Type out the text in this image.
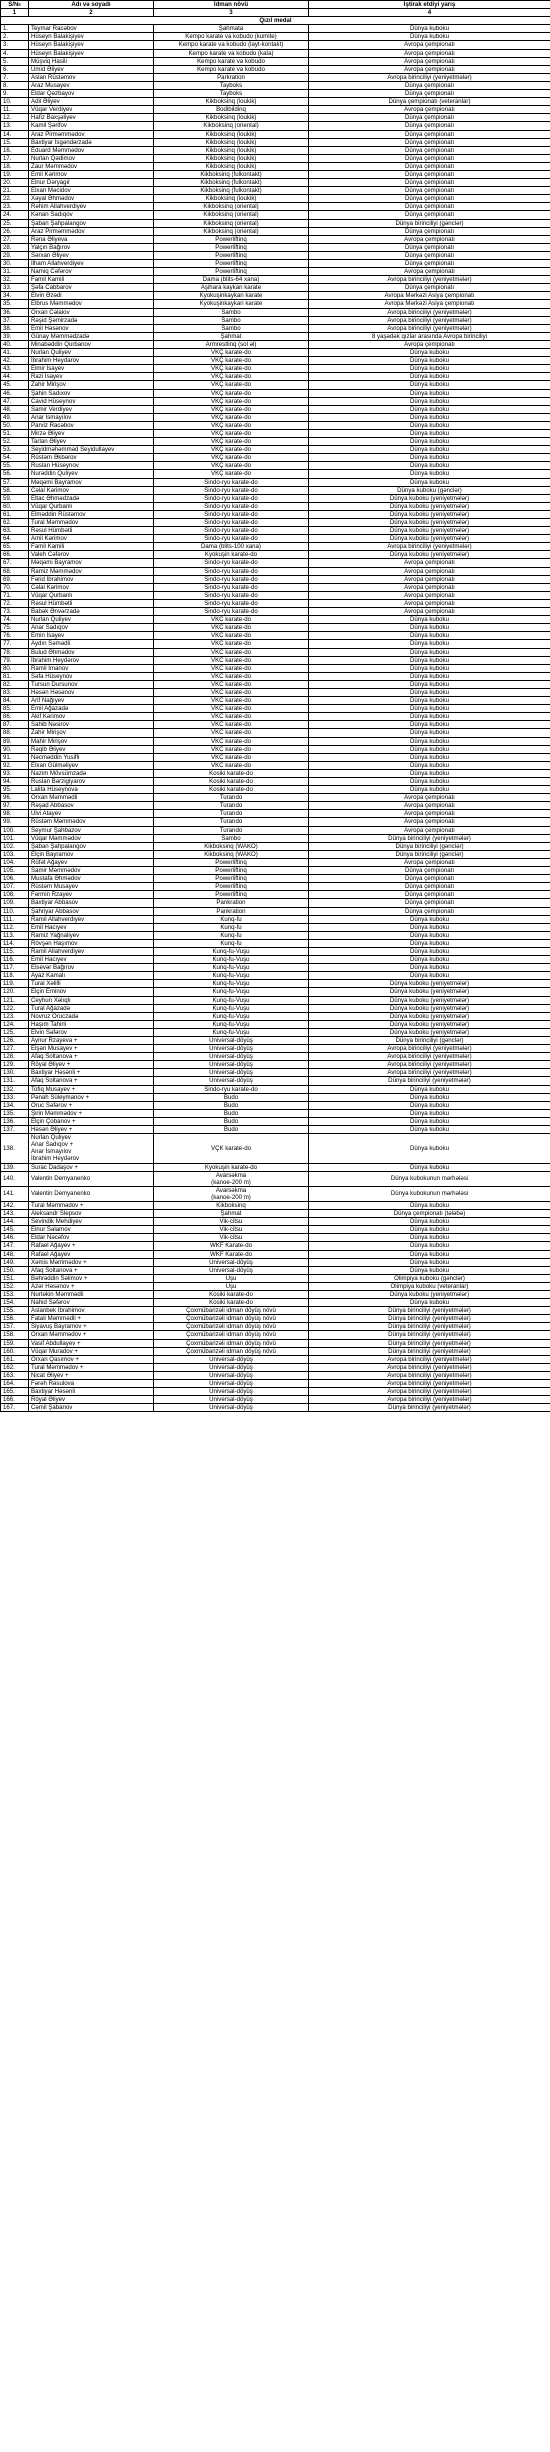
S/№	Adı və soyadı	İdman növü	İştirak etdiyi yarış
1	2	3	4
Qızıl medal			
1.	Teymar Racəbov	Şahmata	Dünya kuboku
2.	Hüseyn Balakişiyev	Kempo karate va kobudo (kumite)	Dünya kuboku
3.	Hüseyn Balakişiyev	Kempo karate va kobudo (layt-kontakt)	Avropa çempionatı
4.	Hüseyn Balakişiyev	Kempo karate va kobudo (kata)	Avropa çempionatı
5.	Müşviq Hasili	Kempo karate va kobudo	Avropa çempionatı
6.	Ümid Əliyev	Kempo karate va kobudo	Avropa çempionatı
7.	Aslan Rüstəmov	Parkration	Avropa birinciliyi (yeniyetmələr)
8.	Araz Musayev	Tayboks	Dünya çempionatı
9.	Eldar Qəzbayov	Tayboks	Dünya çempionatı
10.	Adil Əliyev	Kikboksinq (loukik)	Dünya çempionatı (veteranlar)
11.	Vüqar Verdiyev	Bodibildinq	Avropa çempionatı
12.	Hafiz Baxşəliyev	Kikboksinq (loukik)	Dünya çempionatı
13.	Kamil Şərifov	Kikboksinq (oriental)	Dünya çempionatı
14.	Araz Pirməmmədov	Kikboksinq (loukik)	Dünya çempionatı
15.	Baxtiyar İsgəndərzadə	Kikboksinq (loukik)	Dünya çempionatı
16.	Eduard Məmmədov	Kikboksinq (loukik)	Dünya çempionatı
17.	Nurlan Qədimov	Kikboksinq (loukik)	Dünya çempionatı
18.	Zaur Məmmədov	Kikboksinq (loukik)	Dünya çempionatı
19.	Emil Kərimov	Kikboksinq (fulkontakt)	Dünya çempionatı
20.	Elnur Dəryagir	Kikboksinq (fulkontakt)	Dünya çempionatı
21.	Elxan Məcidov	Kikboksinq (fulkontakt)	Dünya çempionatı
22.	Xəyal Əhmədov	Kikboksinq (loukik)	Dünya çempionatı
23.	Rəhim Allahverdiyev	Kikboksinq (oriental)	Dünya çempionatı
24.	Kənan Sadıqov	Kikboksinq (oriental)	Dünya çempionatı
25.	Şaban Şahpalangov	Kikboksinq (oriental)	Dünya birinciliyi (gənclər)
26.	Araz Pirməmmədov	Kikboksinq (oriental)	Dünya çempionatı
27.	Rəna Əliyeva	Powerliftinq	Avropa çempionatı
28.	Yalçın Bağırov	Powerliftinq	Dünya çempionatı
29.	Sərxan Əliyev	Powerliftinq	Dünya çempionatı
30.	İlham Allahverdiyev	Powerliftinq	Dünya çempionatı
31.	Namiq Cəfərov	Powerliftinq	Avropa çempionatı
32.	Famil Kamili	Dama (blits-64 xana)	Avropa birinciliyi (yeniyetmələr)
33.	Şəfa Cabbarov	Aşihara kaykan karate	Dünya çempionatı
34.	Elvin Əzədi	Kyokuşinkaykan karate	Avropa Mərkəzi Asiya çempionatı
35.	Elbrus Məmmədov	Kyokuşinkaykan karate	Avropa Mərkəzi Asiya çempionatı
36.	Orxan Cəlalov	Sambo	Avropa birinciliyi (yeniyetmələr)
37.	Rəşid Şəmirzadə	Sambo	Avropa birinciliyi (yeniyetmələr)
38.	Emil Həsənov	Sambo	Avropa birinciliyi (yeniyetmələr)
39.	Günay Məmmədzadə	Şahmat	8 yaşədək qızlar arasında Avropa birinciliyi
40.	Minabəddin Qurbanov	Armrestlinq (sol əl)	Avropa çempionatı
41.	Nurlan Quliyev	VKÇ karate-do	Dünya kuboku
42.	İbrahim Heydarov	VKÇ karate-do	Dünya kuboku
43.	Elmir İsayev	VKÇ karate-do	Dünya kuboku
44.	Razi İsayev	VKÇ karate-do	Dünya kuboku
45.	Zahir Mirişov	VKÇ karate-do	Dünya kuboku
46.	Şahin Sadıxov	VKÇ karate-do	Dünya kuboku
47.	Cavid Hüseynov	VKÇ karate-do	Dünya kuboku
48.	Samir Verdiyev	VKÇ karate-do	Dünya kuboku
49.	Anar İsmayılov	VKÇ karate-do	Dünya kuboku
50.	Parviz Racəbov	VKÇ karate-do	Dünya kuboku
51.	Mirzə Əliyev	VKÇ karate-do	Dünya kuboku
52.	Tarlan Əliyev	VKÇ karate-do	Dünya kuboku
53.	Seyidməhəmməd Seyidullayev	VKÇ karate-do	Dünya kuboku
54.	Rüstəm Əkbərov	VKÇ karate-do	Dünya kuboku
55.	Ruslan Hüseynov	VKÇ karate-do	Dünya kuboku
56.	Nurəddin Quliyev	VKÇ karate-do	Dünya kuboku
57.	Məqəmi Bayramov	Sindo-ryu karate-do	Dünya kuboku
58.	Cəlal Kərimov	Sindo-ryu karate-do	Dünya kuboku (gənclər)
59.	Eltac Əhmədzadə	Sindo-ryu karate-do	Dünya kuboku (yeniyetmələr)
60.	Vüqar Qurbanlı	Sindo-ryu karate-do	Dünya kuboku (yeniyetmələr)
61.	Elməddin Rüstəmov	Sindo-ryu karate-do	Dünya kuboku (yeniyetmələr)
62.	Tural Məmmədov	Sindo-ryu karate-do	Dünya kuboku (yeniyetmələr)
63.	Rəsul Hümbətli	Sindo-ryu karate-do	Dünya kuboku (yeniyetmələr)
64.	Amil Kərimov	Sindo-ryu karate-do	Dünya kuboku (yeniyetmələr)
65.	Famil Kamili	Dama (blits-100 xana)	Avropa birinciliyi (yeniyetmələr)
66.	Valeh Cəfərov	Kyokuşin karate-do	Dünya kuboku (yeniyetmələr)
67.	Məqəmi Bayramov	Sindo-ryu karate-do	Avropa çempionatı
68.	Ramiz Məmmədov	Sindo-ryu karate-do	Avropa çempionatı
69.	Fərid İbrahimov	Sindo-ryu karate-do	Avropa çempionatı
70.	Cəlal Kərimov	Sindo-ryu karate-do	Avropa çempionatı
71.	Vüqar Qurbanlı	Sindo-ryu karate-do	Avropa çempionatı
72.	Rəsul Hümbətli	Sindo-ryu karate-do	Avropa çempionatı
73.	Babək Ənvərzadə	Sindo-ryu karate-do	Avropa çempionatı
74.	Nurlan Quliyev	VKC karate-do	Dünya kuboku
75.	Anar Sadıqov	VKC karate-do	Dünya kuboku
76.	Emin İsayev	VKC karate-do	Dünya kuboku
77.	Aydın Səmədli	VKC karate-do	Dünya kuboku
78.	Bulud Əhmədov	VKC karate-do	Dünya kuboku
79.	İbrahim Heydərov	VKC karate-do	Dünya kuboku
80.	Ramil İmanov	VKC karate-do	Dünya kuboku
81.	Səfa Hüseynov	VKC karate-do	Dünya kuboku
82.	Tursun Dursunov	VKC karate-do	Dünya kuboku
83.	Həsən Həsənov	VKC karate-do	Dünya kuboku
84.	Arif Nağıyev	VKC karate-do	Dünya kuboku
85.	Emil Ağazadə	VKC karate-do	Dünya kuboku
86.	Akif Kərimov	VKC karate-do	Dünya kuboku
87.	Sahib Nəsirov	VKC karate-do	Dünya kuboku
88.	Zahir Mirişov	VKC karate-do	Dünya kuboku
89.	Mahir Mirişov	VKC karate-do	Dünya kuboku
90.	Rəqib Əliyev	VKC karate-do	Dünya kuboku
91.	Nəcməddin Yusifli	VKC karate-do	Dünya kuboku
92.	Elxan Gülməliyev	VKC karate-do	Dünya kuboku
93.	Nazim Mövsümzadə	Kosiki karate-do	Dünya kuboku
94.	Ruslan Bərzigiyarov	Kosiki karate-do	Dünya kuboku
95.	Lalita Hüseynova	Kosiki karate-do	Dünya kuboku
96.	Orxan Məmmədli	Turando	Avropa çempionatı
97.	Rəşad Abbasov	Turando	Avropa çempionatı
98.	Ülvi Atayev	Turando	Avropa çempionatı
99.	Rüstəm Məmmədov	Turando	Avropa çempionatı
100.	Seymur Şahbazov	Turando	Avropa çempionatı
101.	Vüqar Məmmədov	Sambo	Dünya birinciliyi (yeniyetmələr)
102.	Şaban Şahpalangov	Kikboksinq (WAKO)	Dünya birinciliyi (gənclər)
103.	Elçin Bayramov	Kikboksinq (WAKO)	Dünya birinciliyi (gənclər)
104.	Rüfət Ağayev	Powerliftinq	Avropa çempionatı
105.	Samir Məmmədov	Powerliftinq	Dünya çempionatı
106.	Mustafa Əhmədov	Powerliftinq	Dünya çempionatı
107.	Rüstəm Musayev	Powerliftinq	Dünya çempionatı
108.	Fərmin Rzayev	Powerliftinq	Dünya çempionatı
109.	Baxtiyar Abbasov	Pankration	Dünya çempionatı
110.	Şahriyar Abbasov	Pankration	Dünya çempionatı
111.	Ramil Allahverdiyev	Kunq-fu	Dünya kuboku
112.	Emil Hacıyev	Kunq-fu	Dünya kuboku
113.	Ramiz Yağnaliyev	Kunq-fu	Dünya kuboku
114.	Rövşən Haşımov	Kunq-fu	Dünya kuboku
115.	Ramil Allahverdiyev	Kunq-fu-Vuşu	Dünya kuboku
116.	Emil Hacıyev	Kunq-fu-Vuşu	Dünya kuboku
117.	Elsevər Bağırov	Kunq-fu-Vuşu	Dünya kuboku
118.	Ayaz Kamalı	Kunq-fu-Vuşu	Dünya kuboku
119.	Tural Xəlilli	Kunq-fu-Vuşu	Dünya kuboku (yeniyetmələr)
120.	Elçin Eminov	Kunq-fu-Vuşu	Dünya kuboku (yeniyetmələr)
121.	Ceyhun Xəlıqlı	Kunq-fu-Vuşu	Dünya kuboku (yeniyetmələr)
122.	Tural Ağazadə	Kunq-fu-Vuşu	Dünya kuboku (yeniyetmələr)
123.	Novruz Oruczadə	Kunq-fu-Vuşu	Dünya kuboku (yeniyetmələr)
124.	Haşım Tahirli	Kunq-fu-Vuşu	Dünya kuboku (yeniyetmələr)
125.	Elvin Səfərov	Kunq-fu-Vuşu	Dünya kuboku (yeniyetmələr)
126.	Aynur Rzayeva +	Universal-döyüş	Dünya birinciliyi (gənclər)
127.	Elşən Musayev +	Universal-döyüş	Avropa birinciliyi (yeniyetmələr)
128.	Afaq Soltanova +	Universal-döyüş	Avropa birinciliyi (yeniyetmələr)
129.	Röyal Əliyev +	Universal-döyüş	Avropa birinciliyi (yeniyetmələr)
130.	Baxtiyar Həsənli +	Universal-döyüş	Avropa birinciliyi (yeniyetmələr)
131.	Afaq Soltanova +	Universal-döyüş	Dünya birinciliyi (yeniyetmələr)
132.	Tofiq Musayev +	Sindo-ryu karate-do	Dünya kuboku
133.	Pənah Süleymanov +	Budo	Dünya kuboku
134.	Oruc Səfərov +	Budo	Dünya kuboku
135.	Şirin Məmmədov +	Budo	Dünya kuboku
136.	Elçin Çobanov +	Budo	Dünya kuboku
137.	Həsən Əliyev +	Budo	Dünya kuboku
138.	Nurlan Quliyev
Anar Sadıqov +
Anar İsmayılov
İbrahim Heydərov	VÇK karate-do	Dünya kuboku
139.	Surac Dadaşov +	Kyokuşin karate-do	Dünya kuboku
140.	Valentin Demyanenko	Avarsəkma
(kanoe-200 m)	Dünya kubokunun mərhələsi
141.	Valentin Demyanenko	Avarsəkma
(kanoe-200 m)	Dünya kubokunun mərhələsi
142.	Tural Məmmədov +	Kikboksinq	Dünya kuboku
143.	Aleksandr Slepsov	Şahmat	Dünya çempionatı (tələbə)
144.	Sevindik Mehdiyev	Vik-citsu	Dünya kuboku
145.	Elnur Səlamov	Vik-citsu	Dünya kuboku
146.	Eldar Nəcəfov	Vik-citsu	Dünya kuboku
147.	Rafael Ağayev +	WKF Karate-do	Dünya kuboku
148.	Rafael Ağayev	WKF Karate-do	Dünya kuboku
149.	Xəmis Məmmədov +	Universal-döyüş	Dünya kuboku
150.	Afaq Soltanova +	Universal-döyüş	Dünya kuboku
151.	Bəhrəddin Səlimov +	Uşu	Olimpiya kuboku (gənclər)
152.	Azər Həsənov +	Uşu	Olimpiya kuboku (veteranlar)
153.	Nurtəkin Məmmədli	Kosiki karate-do	Dünya kuboku (yeniyetmələr)
154.	Nahid Səfərov	Kosiki karate-do	Dünya kuboku
155.	Aslanbek İbrahimov	Çoxmübarizəli idman döyüş növü	Dünya birinciliyi (yeniyetmələr)
156.	Fatali Məmmədli +	Çoxmübarizəli idman döyüş növü	Dünya birinciliyi (yeniyetmələr)
157.	Siyavuş Bayramov +	Çoxmübarizəli idman döyüş növü	Dünya birinciliyi (yeniyetmələr)
158.	Orxan Məmmədov +	Çoxmübarizəli idman döyüş növü	Dünya birinciliyi (yeniyetmələr)
159.	Vasif Abdullayev +	Çoxmübarizəli idman döyüş növü	Dünya birinciliyi (yeniyetmələr)
160.	Vüqar Muradov +	Çoxmübarizəli idman döyüş növü	Dünya birinciliyi (yeniyetmələr)
161.	Orxan Qasımov +	Universal-döyüş	Avropa birinciliyi (yeniyetmələr)
162.	Tural Məmmədov +	Universal-döyüş	Avropa birinciliyi (yeniyetmələr)
163.	Nicat Əliyev +	Universal-döyüş	Avropa birinciliyi (yeniyetmələr)
164.	Fərəh Rəsulova	Universal-döyüş	Avropa birinciliyi (yeniyetmələr)
165.	Baxtiyar Həsənli	Universal-döyüş	Avropa birinciliyi (yeniyetmələr)
166.	Röyal Əliyev	Universal-döyüş	Avropa birinciliyi (yeniyetmələr)
167.	Cəmil Şabanov	Universal-döyüş	Dünya birinciliyi (yeniyetmələr)
